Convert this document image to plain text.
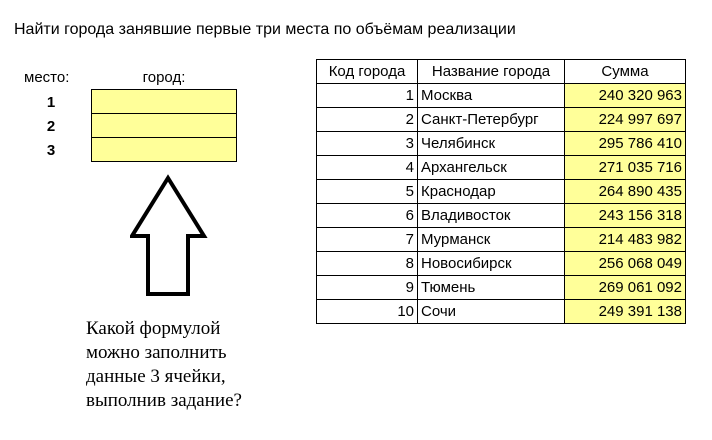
Найти города занявшие первые три места по объёмам реализации
место:	город:
1
2
3
Какой формулой можно заполнить данные 3 ячейки, выполнив задание?
Код города	Название города	Сумма
1	Москва	240 320 963
2	Санкт-Петербург	224 997 697
3	Челябинск	295 786 410
4	Архангельск	271 035 716
5	Краснодар	264 890 435
6	Владивосток	243 156 318
7	Мурманск	214 483 982
8	Новосибирск	256 068 049
9	Тюмень	269 061 092
10	Сочи	249 391 138
